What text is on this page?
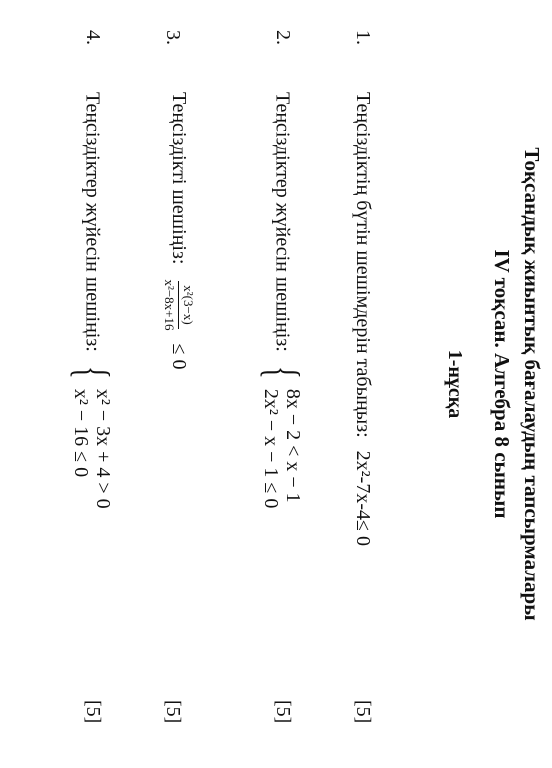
Тоқсандық жиынтық бағалаудың тапсырмалары
IV тоқсан. Алгебра 8 сынып
1-нұсқа
1.
Теңсіздіктің бүтін шешімдерін табыңыз: 2x²-7x-4≤ 0
[5]
2.
Теңсіздіктер жүйесін шешіңіз: {
8x − 2 < x − 1
2x² − x − 1 ≤ 0
[5]
3.
Теңсіздікті шешіңіз:
x²(3−x)
x²−8x+16
≤ 0
[5]
4.
Теңсіздіктер жүйесін шешіңіз: {
x² − 3x + 4 > 0
x² − 16 ≤ 0
[5]
